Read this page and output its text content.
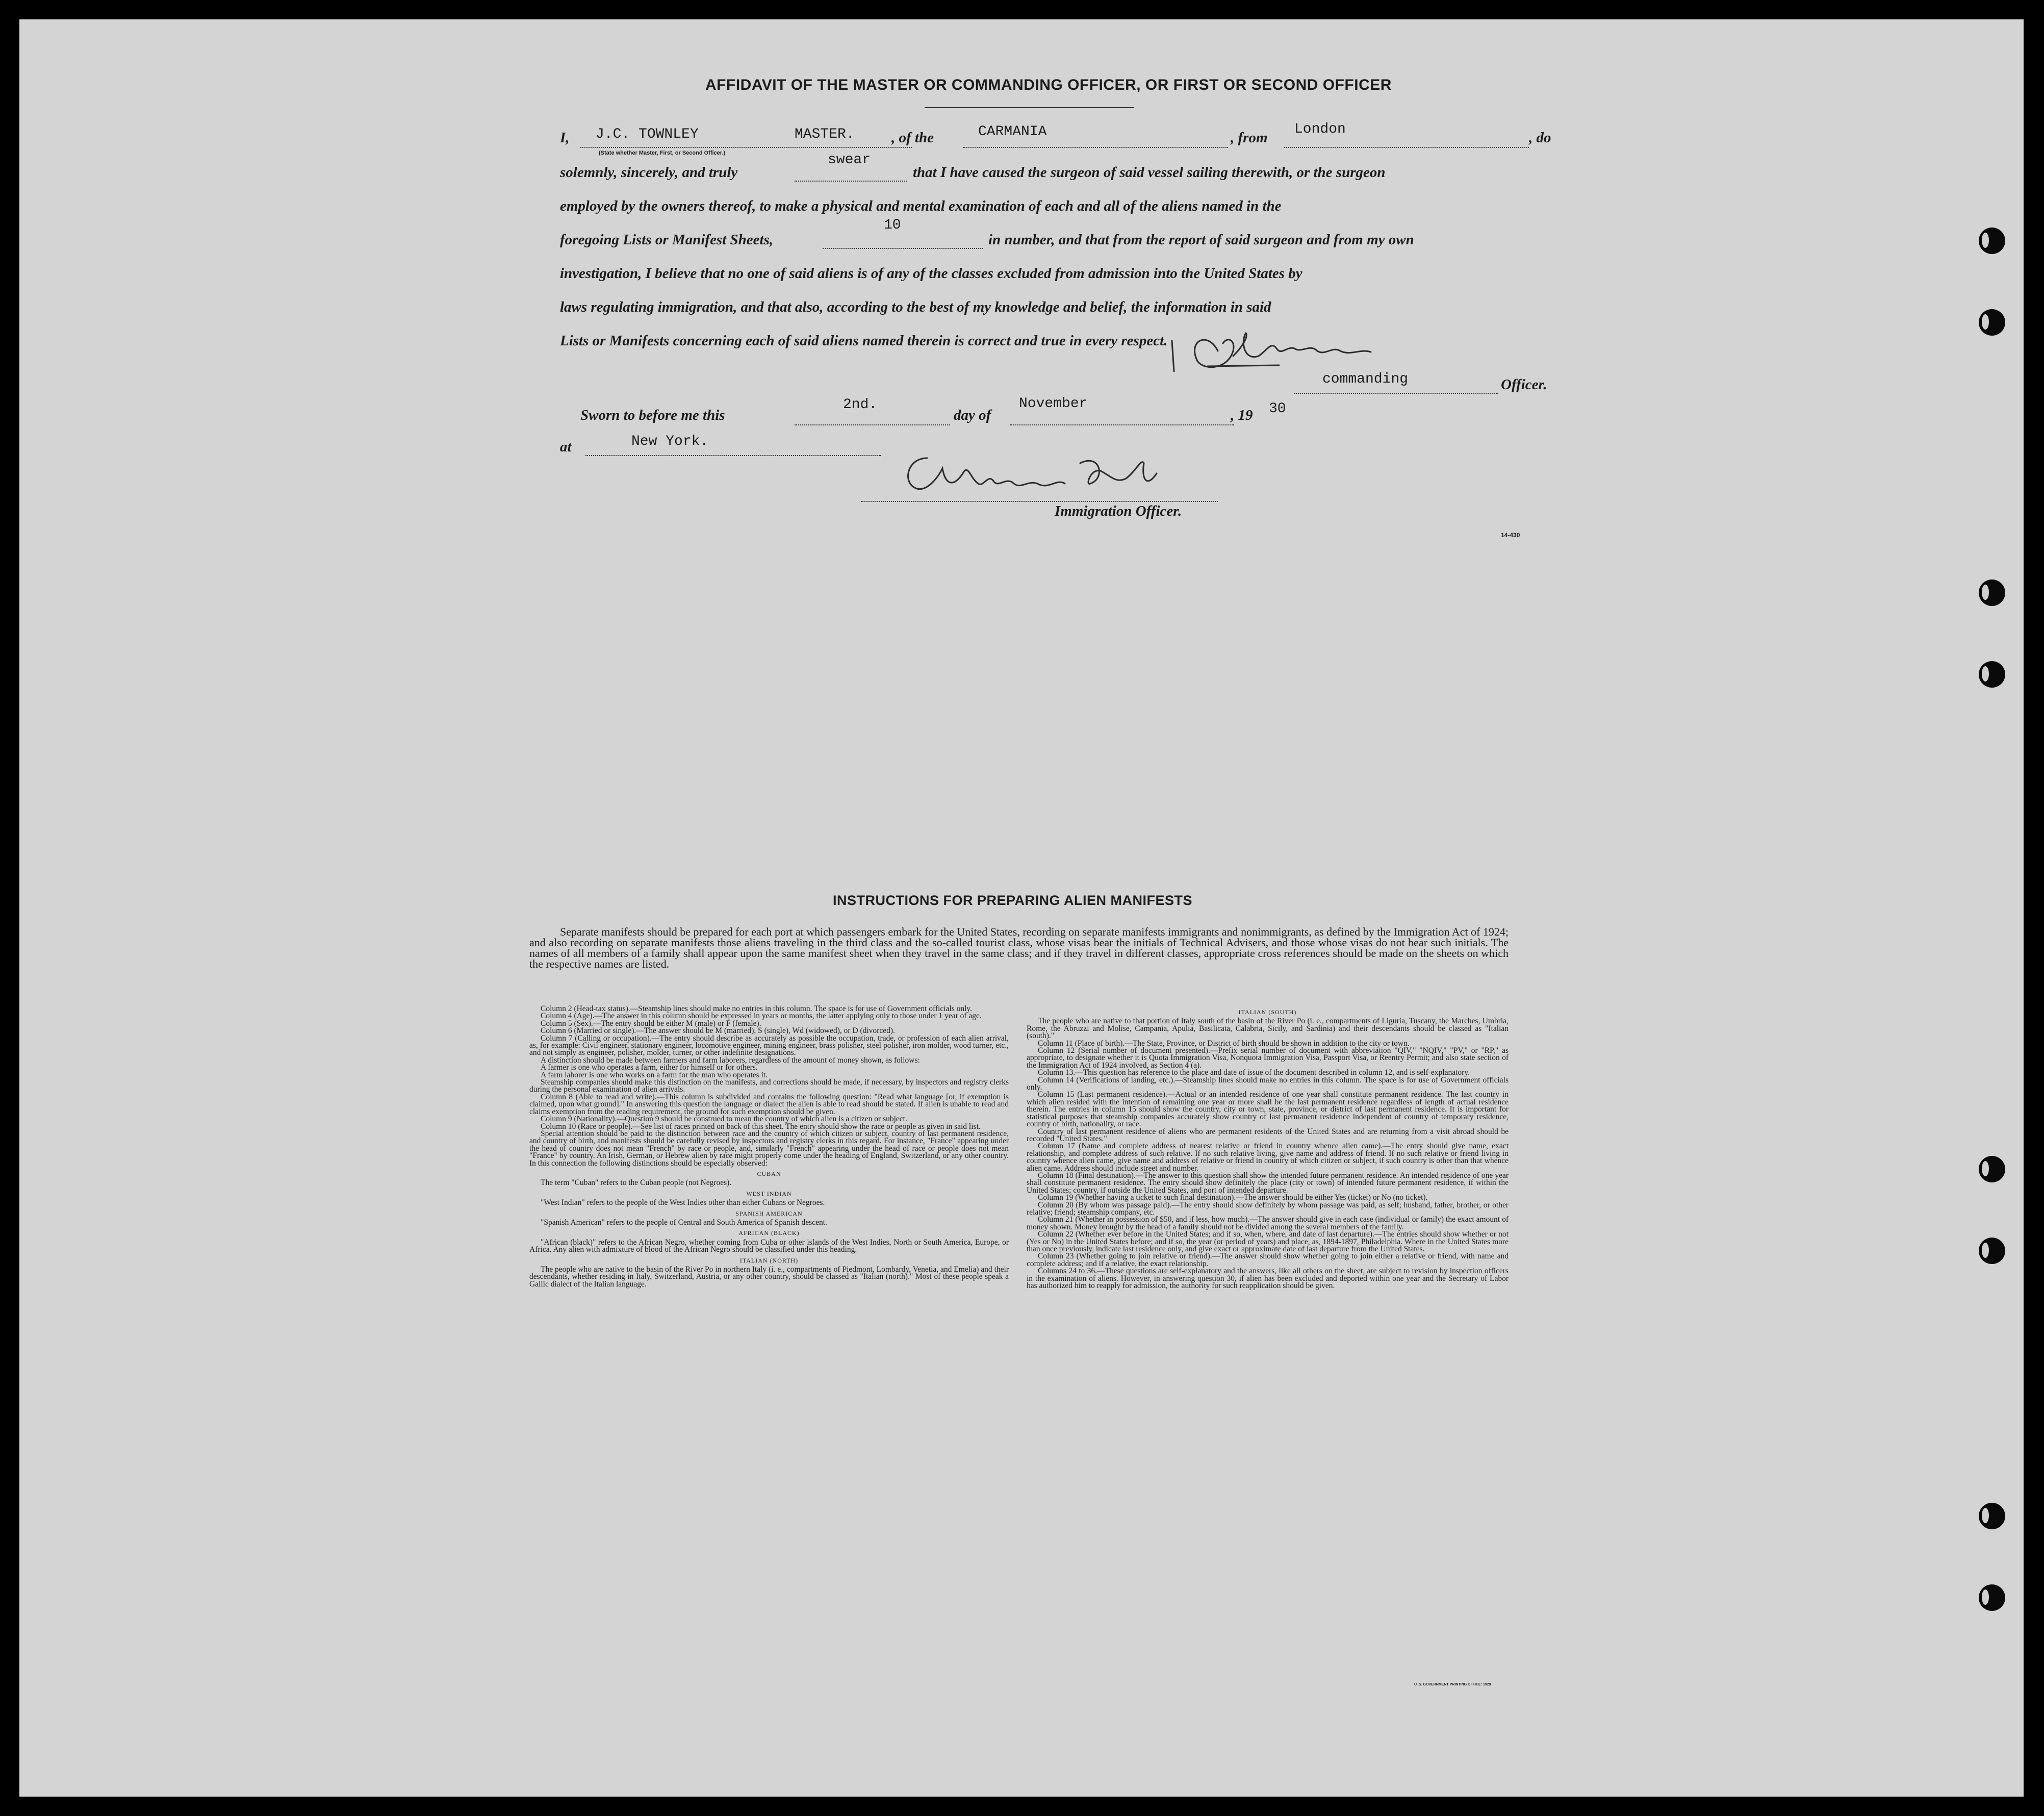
AFFIDAVIT OF THE MASTER OR COMMANDING OFFICER, OR FIRST OR SECOND OFFICER
I, J.C. TOWNLEY	MASTER.
(State whether Master, First, or Second Officer.)
, of the	CARMANIA	, from
London
, do
solemnly, sincerely, and truly
swear
that I have caused the surgeon of said vessel sailing therewith, or the surgeon
employed by the owners thereof, to make a physical and mental examination of each and all of the aliens named in the
foregoing Lists or Manifest Sheets,
10
in number, and that from the report of said surgeon and from my own
investigation, I believe that no one of said aliens is of any of the classes excluded from admission into the United States by
laws regulating immigration, and that also, according to the best of my knowledge and belief, the information in said
Lists or Manifests concerning each of said aliens named therein is correct and true in every respect.
commanding	Officer.
Sworn to before me this
2nd.
day of
November
, 19 30
at	New York.
Immigration Officer.
14-430
INSTRUCTIONS FOR PREPARING ALIEN MANIFESTS
Separate manifests should be prepared for each port at which passengers embark for the United States, recording on separate manifests immigrants and nonimmigrants, as defined by the Immigration Act of 1924; and also recording on separate manifests those aliens traveling in the third class and the so-called tourist class, whose visas bear the initials of Technical Advisers, and those whose visas do not bear such initials. The names of all members of a family shall appear upon the same manifest sheet when they travel in the same class; and if they travel in different classes, appropriate cross references should be made on the sheets on which the respective names are listed.

Column 2 (Head-tax status).—Steamship lines should make no entries in this column. The space is for use of Government officials only.

Column 4 (Age).—The answer in this column should be expressed in years or months, the latter applying only to those under 1 year of age.

Column 5 (Sex).—The entry should be either M (male) or F (female).

Column 6 (Married or single).—The answer should be M (married), S (single), Wd (widowed), or D (divorced).

Column 7 (Calling or occupation).—The entry should describe as accurately as possible the occupation, trade, or profession of each alien arrival, as, for example: Civil engineer, stationary engineer, locomotive engineer, mining engineer, brass polisher, steel polisher, iron molder, wood turner, etc., and not simply as engineer, polisher, molder, turner, or other indefinite designations.

A distinction should be made between farmers and farm laborers, regardless of the amount of money shown, as follows:

A farmer is one who operates a farm, either for himself or for others.

A farm laborer is one who works on a farm for the man who operates it.

Steamship companies should make this distinction on the manifests, and corrections should be made, if necessary, by inspectors and registry clerks during the personal examination of alien arrivals.

Column 8 (Able to read and write).—This column is subdivided and contains the following question: "Read what language [or, if exemption is claimed, upon what ground]." In answering this question the language or dialect the alien is able to read should be stated. If alien is unable to read and claims exemption from the reading requirement, the ground for such exemption should be given.

Column 9 (Nationality).—Question 9 should be construed to mean the country of which alien is a citizen or subject.

Column 10 (Race or people).—See list of races printed on back of this sheet. The entry should show the race or people as given in said list.

Special attention should be paid to the distinction between race and the country of which citizen or subject, country of last permanent residence, and country of birth, and manifests should be carefully revised by inspectors and registry clerks in this regard. For instance, "France" appearing under the head of country does not mean "French" by race or people, and, similarly "French" appearing under the head of race or people does not mean "France" by country. An Irish, German, or Hebrew alien by race might properly come under the heading of England, Switzerland, or any other country. In this connection the following distinctions should be especially observed:

CUBAN

The term "Cuban" refers to the Cuban people (not Negroes).

WEST INDIAN

"West Indian" refers to the people of the West Indies other than either Cubans or Negroes.

SPANISH AMERICAN

"Spanish American" refers to the people of Central and South America of Spanish descent.

AFRICAN (BLACK)

"African (black)" refers to the African Negro, whether coming from Cuba or other islands of the West Indies, North or South America, Europe, or Africa. Any alien with admixture of blood of the African Negro should be classified under this heading.

ITALIAN (NORTH)

The people who are native to the basin of the River Po in northern Italy (i. e., compartments of Piedmont, Lombardy, Venetia, and Emelia) and their descendants, whether residing in Italy, Switzerland, Austria, or any other country, should be classed as "Italian (north)." Most of these people speak a Gallic dialect of the Italian language.

ITALIAN (SOUTH)

The people who are native to that portion of Italy south of the basin of the River Po (i. e., compartments of Liguria, Tuscany, the Marches, Umbria, Rome, the Abruzzi and Molise, Campania, Apulia, Basilicata, Calabria, Sicily, and Sardinia) and their descendants should be classed as "Italian (south)."

Column 11 (Place of birth).—The State, Province, or District of birth should be shown in addition to the city or town.

Column 12 (Serial number of document presented).—Prefix serial number of document with abbreviation "QIV," "NQIV," "PV," or "RP," as appropriate, to designate whether it is Quota Immigration Visa, Nonquota Immigration Visa, Passport Visa, or Reentry Permit; and also state section of the Immigration Act of 1924 involved, as Section 4 (a).

Column 13.—This question has reference to the place and date of issue of the document described in column 12, and is self-explanatory.

Column 14 (Verifications of landing, etc.).—Steamship lines should make no entries in this column. The space is for use of Government officials only.

Column 15 (Last permanent residence).—Actual or an intended residence of one year shall constitute permanent residence. The last country in which alien resided with the intention of remaining one year or more shall be the last permanent residence regardless of length of actual residence therein. The entries in column 15 should show the country, city or town, state, province, or district of last permanent residence. It is important for statistical purposes that steamship companies accurately show country of last permanent residence independent of country of temporary residence, country of birth, nationality, or race.

Country of last permanent residence of aliens who are permanent residents of the United States and are returning from a visit abroad should be recorded "United States."

Column 17 (Name and complete address of nearest relative or friend in country whence alien came).—The entry should give name, exact relationship, and complete address of such relative. If no such relative living, give name and address of friend. If no such relative or friend living in country whence alien came, give name and address of relative or friend in country of which citizen or subject, if such country is other than that whence alien came. Address should include street and number.

Column 18 (Final destination).—The answer to this question shall show the intended future permanent residence. An intended residence of one year shall constitute permanent residence. The entry should show definitely the place (city or town) of intended future permanent residence, if within the United States; country, if outside the United States, and port of intended departure.

Column 19 (Whether having a ticket to such final destination).—The answer should be either Yes (ticket) or No (no ticket).

Column 20 (By whom was passage paid).—The entry should show definitely by whom passage was paid, as self; husband, father, brother, or other relative; friend; steamship company, etc.

Column 21 (Whether in possession of $50, and if less, how much).—The answer should give in each case (individual or family) the exact amount of money shown. Money brought by the head of a family should not be divided among the several members of the family.

Column 22 (Whether ever before in the United States; and if so, when, where, and date of last departure).—The entries should show whether or not (Yes or No) in the United States before; and if so, the year (or period of years) and place, as, 1894-1897, Philadelphia. Where in the United States more than once previously, indicate last residence only, and give exact or approximate date of last departure from the United States.

Column 23 (Whether going to join relative or friend).—The answer should show whether going to join either a relative or friend, with name and complete address; and if a relative, the exact relationship.

Columns 24 to 36.—These questions are self-explanatory and the answers, like all others on the sheet, are subject to revision by inspection officers in the examination of aliens. However, in answering question 30, if alien has been excluded and deported within one year and the Secretary of Labor has authorized him to reapply for admission, the authority for such reapplication should be given.

U. S. GOVERNMENT PRINTING OFFICE: 1929
